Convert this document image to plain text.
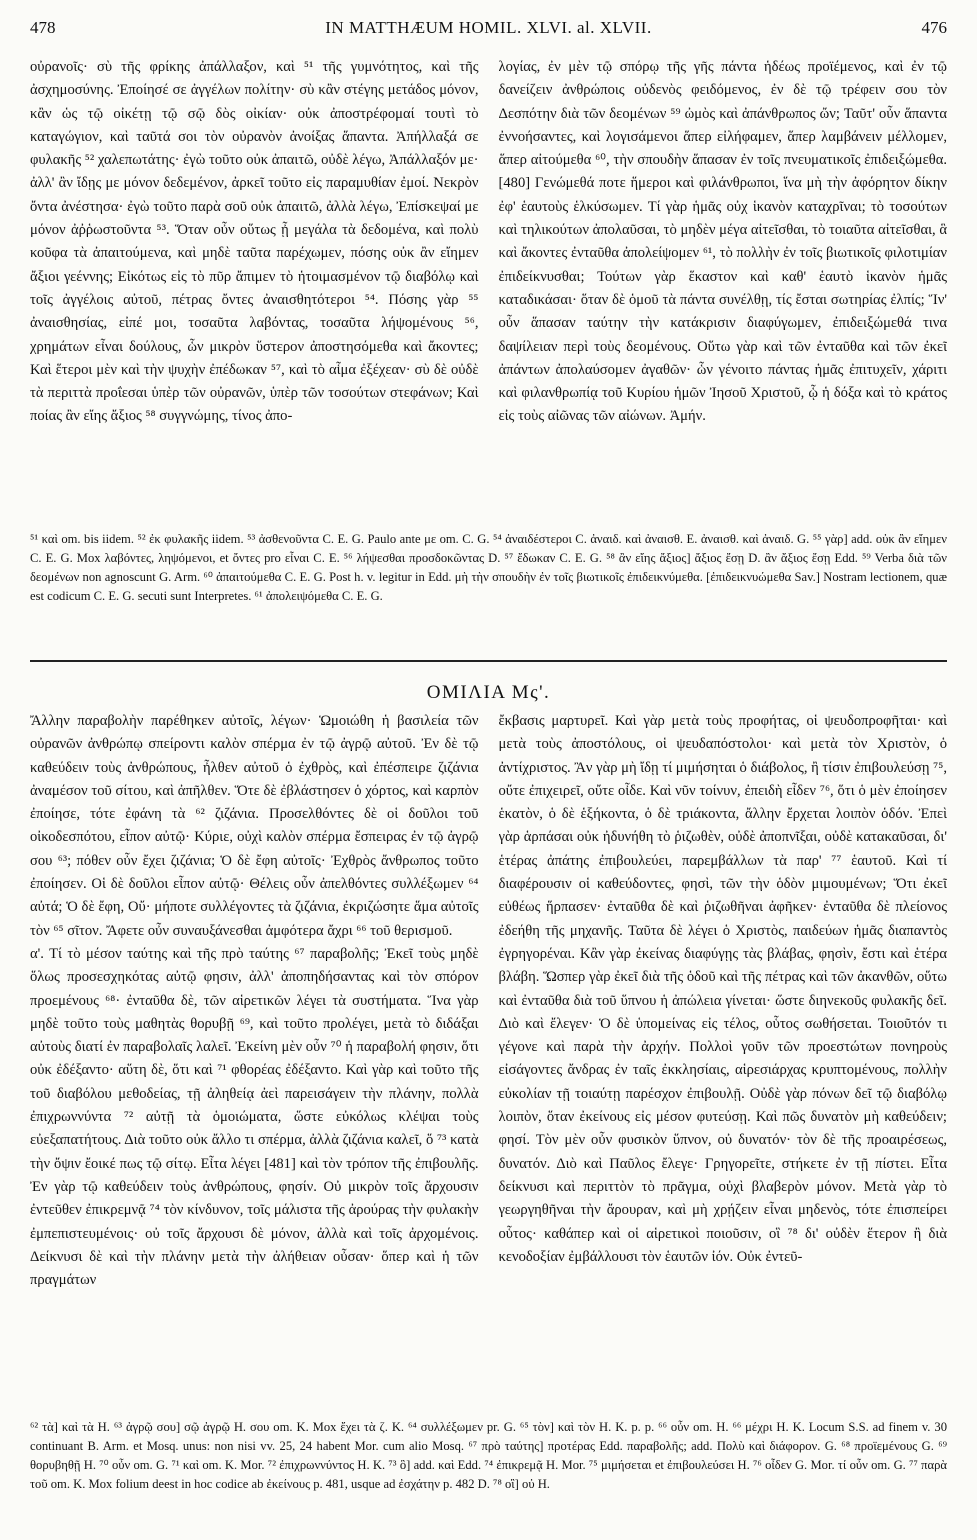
478	IN MATTHÆUM HOMIL. XLVI. al. XLVII.	476

οὐρανοῖς· σὺ τῆς φρίκης ἀπάλλαξον, καὶ ⁵¹ τῆς γυμνότητος, καὶ τῆς ἀσχημοσύνης. Ἐποίησέ σε ἀγγέλων πολίτην· σὺ κἂν στέγης μετάδος μόνον, κἂν ὡς τῷ οἰκέτῃ τῷ σῷ δὸς οἰκίαν· οὐκ ἀποστρέφομαί τουτὶ τὸ καταγώγιον, καὶ ταῦτά σοι τὸν οὐρανὸν ἀνοίξας ἅπαντα. Ἀπήλλαξά σε φυλακῆς ⁵² χαλεπωτάτης· ἐγὼ τοῦτο οὐκ ἀπαιτῶ, οὐδὲ λέγω, Ἀπάλλαξόν με· ἀλλ' ἂν ἴδῃς με μόνον δεδεμένον, ἀρκεῖ τοῦτο εἰς παραμυθίαν ἐμοί. Νεκρὸν ὄντα ἀνέστησα· ἐγὼ τοῦτο παρὰ σοῦ οὐκ ἀπαιτῶ, ἀλλὰ λέγω, Ἐπίσκεψαί με μόνον ἀῤῥωστοῦντα ⁵³. Ὅταν οὖν οὕτως ᾖ μεγάλα τὰ δεδομένα, καὶ πολὺ κοῦφα τὰ ἀπαιτούμενα, καὶ μηδὲ ταῦτα παρέχωμεν, πόσης οὐκ ἂν εἴημεν ἄξιοι γεέννης; Εἰκότως εἰς τὸ πῦρ ἄπιμεν τὸ ἡτοιμασμένον τῷ διαβόλῳ καὶ τοῖς ἀγγέλοις αὐτοῦ, πέτρας ὄντες ἀναισθητότεροι ⁵⁴. Πόσης γὰρ ⁵⁵ ἀναισθησίας, εἰπέ μοι, τοσαῦτα λαβόντας, τοσαῦτα λήψομένους ⁵⁶, χρημάτων εἶναι δούλους, ὧν μικρὸν ὕστερον ἀποστησόμεθα καὶ ἄκοντες; Καὶ ἕτεροι μὲν καὶ τὴν ψυχὴν ἐπέδωκαν ⁵⁷, καὶ τὸ αἷμα ἐξέχεαν· σὺ δὲ οὐδὲ τὰ περιττὰ προΐεσαι ὑπὲρ τῶν οὐρανῶν, ὑπὲρ τῶν τοσούτων στεφάνων; Καὶ ποίας ἂν εἴης ἄξιος ⁵⁸ συγγνώμης, τίνος ἀπο-

λογίας, ἐν μὲν τῷ σπόρῳ τῆς γῆς πάντα ἡδέως προϊέμενος, καὶ ἐν τῷ δανείζειν ἀνθρώποις οὐδενὸς φειδόμενος, ἐν δὲ τῷ τρέφειν σου τὸν Δεσπότην διὰ τῶν δεομένων ⁵⁹ ὠμὸς καὶ ἀπάνθρωπος ὤν; Ταῦτ' οὖν ἅπαντα ἐννοήσαντες, καὶ λογισάμενοι ἅπερ εἰλήφαμεν, ἅπερ λαμβάνειν μέλλομεν, ἅπερ αἰτούμεθα ⁶⁰, τὴν σπουδὴν ἅπασαν ἐν τοῖς πνευματικοῖς ἐπιδειξώμεθα. [480] Γενώμεθά ποτε ἥμεροι καὶ φιλάνθρωποι, ἵνα μὴ τὴν ἀφόρητον δίκην ἐφ' ἑαυτοὺς ἑλκύσωμεν. Τί γὰρ ἡμᾶς οὐχ ἱκανὸν καταχρῖναι; τὸ τοσούτων καὶ τηλικούτων ἀπολαῦσαι, τὸ μηδὲν μέγα αἰτεῖσθαι, τὸ τοιαῦτα αἰτεῖσθαι, ἃ καὶ ἄκοντες ἐνταῦθα ἀπολείψομεν ⁶¹, τὸ πολλὴν ἐν τοῖς βιωτικοῖς φιλοτιμίαν ἐπιδείκνυσθαι; Τούτων γὰρ ἕκαστον καὶ καθ' ἑαυτὸ ἱκανὸν ἡμᾶς καταδικάσαι· ὅταν δὲ ὁμοῦ τὰ πάντα συνέλθῃ, τίς ἔσται σωτηρίας ἐλπίς; Ἵν' οὖν ἅπασαν ταύτην τὴν κατάκρισιν διαφύγωμεν, ἐπιδειξώμεθά τινα δαψίλειαν περὶ τοὺς δεομένους. Οὕτω γὰρ καὶ τῶν ἐνταῦθα καὶ τῶν ἐκεῖ ἀπάντων ἀπολαύσομεν ἀγαθῶν· ὧν γένοιτο πάντας ἡμᾶς ἐπιτυχεῖν, χάριτι καὶ φιλανθρωπίᾳ τοῦ Κυρίου ἡμῶν Ἰησοῦ Χριστοῦ, ᾧ ἡ δόξα καὶ τὸ κράτος εἰς τοὺς αἰῶνας τῶν αἰώνων. Ἀμήν.

⁵¹ καὶ om. bis iidem. ⁵² ἐκ φυλακῆς iidem. ⁵³ ἀσθενοῦντα C. E. G. Paulo ante με om. C. G. ⁵⁴ ἀναιδέστεροι C. ἀναιδ. καὶ ἀναισθ. E. ἀναισθ. καὶ ἀναιδ. G. ⁵⁵ γὰρ] add. οὐκ ἂν εἴημεν C. E. G. Mox λαβόντες, ληψόμενοι, et ὄντες pro εἶναι C. E. ⁵⁶ λήψεσθαι προσδοκῶντας D. ⁵⁷ ἔδωκαν C. E. G. ⁵⁸ ἂν εἴης ἄξιος] ἄξιος ἔσῃ D. ἂν ἄξιος ἔσῃ Edd. ⁵⁹ Verba διὰ τῶν δεομένων non agnoscunt G. Arm. ⁶⁰ ἀπαιτούμεθα C. E. G. Post h. v. legitur in Edd. μὴ τὴν σπουδὴν ἐν τοῖς βιωτικοῖς ἐπιδεικνύμεθα. [ἐπιδεικνυώμεθα Sav.] Nostram lectionem, quæ est codicum C. E. G. secuti sunt Interpretes. ⁶¹ ἀπολειψόμεθα C. E. G.

ΟΜΙΛΙΑ Μς'.

Ἄλλην παραβολὴν παρέθηκεν αὐτοῖς, λέγων· Ὡμοιώθη ἡ βασιλεία τῶν οὐρανῶν ἀνθρώπῳ σπείροντι καλὸν σπέρμα ἐν τῷ ἀγρῷ αὐτοῦ. Ἐν δὲ τῷ καθεύδειν τοὺς ἀνθρώπους, ἦλθεν αὐτοῦ ὁ ἐχθρὸς, καὶ ἐπέσπειρε ζιζάνια ἀναμέσον τοῦ σίτου, καὶ ἀπῆλθεν. Ὅτε δὲ ἐβλάστησεν ὁ χόρτος, καὶ καρπὸν ἐποίησε, τότε ἐφάνη τὰ ⁶² ζιζάνια. Προσελθόντες δὲ οἱ δοῦλοι τοῦ οἰκοδεσπότου, εἶπον αὐτῷ· Κύριε, οὐχὶ καλὸν σπέρμα ἔσπειρας ἐν τῷ ἀγρῷ σου ⁶³; πόθεν οὖν ἔχει ζιζάνια; Ὁ δὲ ἔφη αὐτοῖς· Ἐχθρὸς ἄνθρωπος τοῦτο ἐποίησεν. Οἱ δὲ δοῦλοι εἶπον αὐτῷ· Θέλεις οὖν ἀπελθόντες συλλέξωμεν ⁶⁴ αὐτά; Ὁ δὲ ἔφη, Οὔ· μήποτε συλλέγοντες τὰ ζιζάνια, ἐκριζώσητε ἅμα αὐτοῖς τὸν ⁶⁵ σῖτον. Ἄφετε οὖν συναυξάνεσθαι ἀμφότερα ἄχρι ⁶⁶ τοῦ θερισμοῦ.
α'. Τί τὸ μέσον ταύτης καὶ τῆς πρὸ ταύτης ⁶⁷ παραβολῆς; Ἐκεῖ τοὺς μηδὲ ὅλως προσεσχηκότας αὐτῷ φησιν, ἀλλ' ἀποπηδήσαντας καὶ τὸν σπόρον προεμένους ⁶⁸· ἐνταῦθα δὲ, τῶν αἱρετικῶν λέγει τὰ συστήματα. Ἵνα γὰρ μηδὲ τοῦτο τοὺς μαθητὰς θορυβῇ ⁶⁹, καὶ τοῦτο προλέγει, μετὰ τὸ διδάξαι αὐτοὺς διατί ἐν παραβολαῖς λαλεῖ. Ἐκείνη μὲν οὖν ⁷⁰ ἡ παραβολή φησιν, ὅτι οὐκ ἐδέξαντο· αὕτη δὲ, ὅτι καὶ ⁷¹ φθορέας ἐδέξαντο. Καὶ γὰρ καὶ τοῦτο τῆς τοῦ διαβόλου μεθοδείας, τῇ ἀληθείᾳ ἀεὶ παρεισάγειν τὴν πλάνην, πολλὰ ἐπιχρωννύντα ⁷² αὐτῇ τὰ ὁμοιώματα, ὥστε εὐκόλως κλέψαι τοὺς εὐεξαπατήτους. Διὰ τοῦτο οὐκ ἄλλο τι σπέρμα, ἀλλὰ ζιζάνια καλεῖ, ὅ ⁷³ κατὰ τὴν ὄψιν ἔοικέ πως τῷ σίτῳ. Εἶτα λέγει [481] καὶ τὸν τρόπον τῆς ἐπιβουλῆς. Ἐν γὰρ τῷ καθεύδειν τοὺς ἀνθρώπους, φησίν. Οὐ μικρὸν τοῖς ἄρχουσιν ἐντεῦθεν ἐπικρεμνᾷ ⁷⁴ τὸν κίνδυνον, τοῖς μάλιστα τῆς ἀρούρας τὴν φυλακὴν ἐμπεπιστευμένοις· οὐ τοῖς ἄρχουσι δὲ μόνον, ἀλλὰ καὶ τοῖς ἀρχομένοις. Δείκνυσι δὲ καὶ τὴν πλάνην μετὰ τὴν ἀλήθειαν οὖσαν· ὅπερ καὶ ἡ τῶν πραγμάτων

ἔκβασις μαρτυρεῖ. Καὶ γὰρ μετὰ τοὺς προφήτας, οἱ ψευδοπροφῆται· καὶ μετὰ τοὺς ἀποστόλους, οἱ ψευδαπόστολοι· καὶ μετὰ τὸν Χριστὸν, ὁ ἀντίχριστος. Ἂν γὰρ μὴ ἴδῃ τί μιμήσηται ὁ διάβολος, ἢ τίσιν ἐπιβουλεύσῃ ⁷⁵, οὔτε ἐπιχειρεῖ, οὔτε οἶδε. Καὶ νῦν τοίνυν, ἐπειδὴ εἶδεν ⁷⁶, ὅτι ὁ μὲν ἐποίησεν ἑκατὸν, ὁ δὲ ἑξήκοντα, ὁ δὲ τριάκοντα, ἄλλην ἔρχεται λοιπὸν ὁδόν. Ἐπεὶ γὰρ ἁρπάσαι οὐκ ἠδυνήθη τὸ ῥιζωθὲν, οὐδὲ ἀποπνῖξαι, οὐδὲ κατακαῦσαι, δι' ἑτέρας ἀπάτης ἐπιβουλεύει, παρεμβάλλων τὰ παρ' ⁷⁷ ἑαυτοῦ. Καὶ τί διαφέρουσιν οἱ καθεύδοντες, φησὶ, τῶν τὴν ὁδὸν μιμουμένων; Ὅτι ἐκεῖ εὐθέως ἥρπασεν· ἐνταῦθα δὲ καὶ ῥιζωθῆναι ἀφῆκεν· ἐνταῦθα δὲ πλείονος ἐδεήθη τῆς μηχανῆς. Ταῦτα δὲ λέγει ὁ Χριστὸς, παιδεύων ἡμᾶς διαπαντὸς ἐγρηγορέναι. Κἂν γὰρ ἐκείνας διαφύγῃς τὰς βλάβας, φησὶν, ἔστι καὶ ἑτέρα βλάβη. Ὥσπερ γὰρ ἐκεῖ διὰ τῆς ὁδοῦ καὶ τῆς πέτρας καὶ τῶν ἀκανθῶν, οὕτω καὶ ἐνταῦθα διὰ τοῦ ὕπνου ἡ ἀπώλεια γίνεται· ὥστε διηνεκοῦς φυλακῆς δεῖ. Διὸ καὶ ἔλεγεν· Ὁ δὲ ὑπομείνας εἰς τέλος, οὗτος σωθήσεται. Τοιοῦτόν τι γέγονε καὶ παρὰ τὴν ἀρχήν. Πολλοὶ γοῦν τῶν προεστώτων πονηροὺς εἰσάγοντες ἄνδρας ἐν ταῖς ἐκκλησίαις, αἱρεσιάρχας κρυπτομένους, πολλὴν εὐκολίαν τῇ τοιαύτῃ παρέσχον ἐπιβουλῇ. Οὐδὲ γὰρ πόνων δεῖ τῷ διαβόλῳ λοιπὸν, ὅταν ἐκείνους εἰς μέσον φυτεύσῃ. Καὶ πῶς δυνατὸν μὴ καθεύδειν; φησί. Τὸν μὲν οὖν φυσικὸν ὕπνον, οὐ δυνατόν· τὸν δὲ τῆς προαιρέσεως, δυνατόν. Διὸ καὶ Παῦλος ἔλεγε· Γρηγορεῖτε, στήκετε ἐν τῇ πίστει. Εἶτα δείκνυσι καὶ περιττὸν τὸ πρᾶγμα, οὐχὶ βλαβερὸν μόνον. Μετὰ γὰρ τὸ γεωργηθῆναι τὴν ἄρουραν, καὶ μὴ χρῄζειν εἶναι μηδενὸς, τότε ἐπισπείρει οὗτος· καθάπερ καὶ οἱ αἱρετικοὶ ποιοῦσιν, οἳ ⁷⁸ δι' οὐδὲν ἕτερον ἢ διὰ κενοδοξίαν ἐμβάλλουσι τὸν ἑαυτῶν ἰόν. Οὐκ ἐντεῦ-

⁶² τὰ] καὶ τὰ H. ⁶³ ἀγρῷ σου] σῷ ἀγρῷ H. σου om. K. Mox ἔχει τὰ ζ. K. ⁶⁴ συλλέξωμεν pr. G. ⁶⁵ τὸν] καὶ τὸν H. K. p. p. ⁶⁶ οὖν om. H. ⁶⁶ μέχρι H. K. Locum S.S. ad finem v. 30 continuant B. Arm. et Mosq. unus: non nisi vv. 25, 24 habent Mor. cum alio Mosq. ⁶⁷ πρὸ ταύτης] προτέρας Edd. παραβολῆς; add. Πολὺ καὶ διάφορον. G. ⁶⁸ προϊεμένους G. ⁶⁹ θορυβηθῇ H. ⁷⁰ οὖν om. G. ⁷¹ καὶ om. K. Mor. ⁷² ἐπιχρωννύντος H. K. ⁷³ ὃ] add. καὶ Edd. ⁷⁴ ἐπικρεμᾷ H. Mor. ⁷⁵ μιμήσεται et ἐπιβουλεύσει H. ⁷⁶ οἶδεν G. Mor. τί οὖν om. G. ⁷⁷ παρὰ τοῦ om. K. Mox folium deest in hoc codice ab ἐκείνους p. 481, usque ad ἐσχάτην p. 482 D. ⁷⁸ οἳ] οὐ H.
